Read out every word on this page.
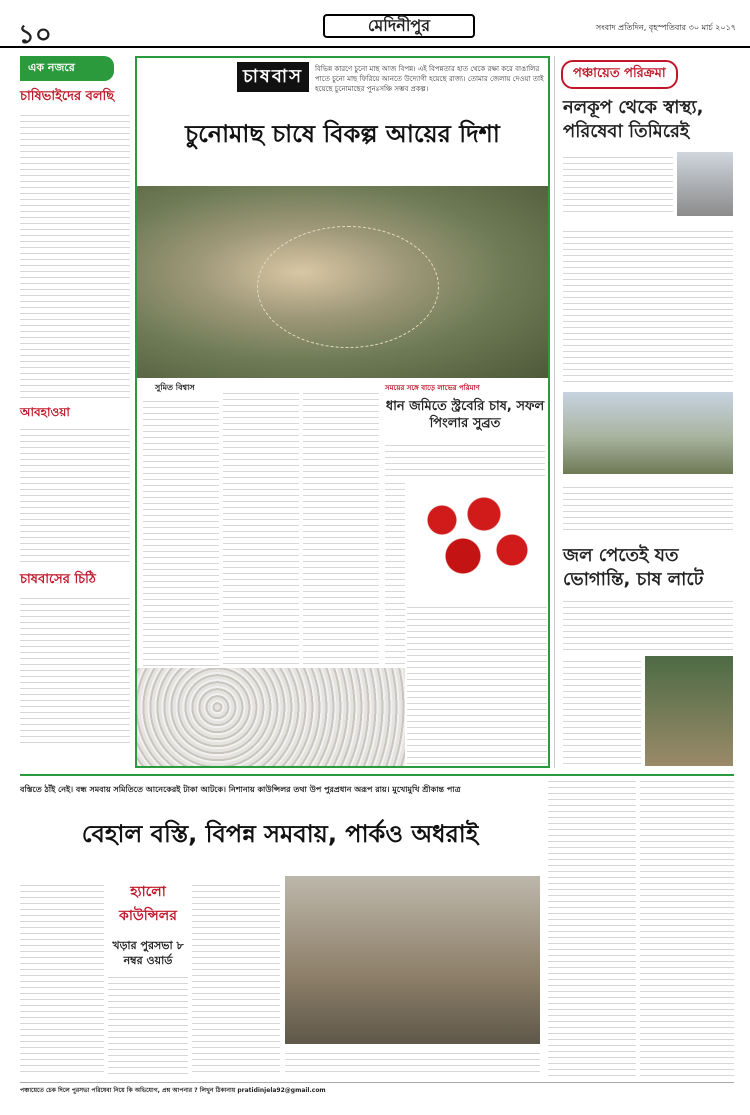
১০	মেদিনীপুর	সংবাদ প্রতিদিন, বৃহস্পতিবার ৩০ মার্চ ২০১৭
এক নজরে
চাষিভাইদের বলছি
আবহাওয়া
চাষবাসের চিঠি
চাষবাস	বিভিন্ন কারণে চুনো মাছ আজ বিপন্ন। এই বিপন্নতার হাত থেকে রক্ষা করে বাঙালির পাতে চুনো মাছ ফিরিয়ে আনতে উদ্যোগী হয়েছে রাজ্য। তোমার জেলায় দেওয়া তাই হয়েছে চুনোমাছের পুনঃসঞ্চি সম্ভব প্রকল্প।
চুনোমাছ চাষে বিকল্প আয়ের দিশা
সুমিত বিশ্বাস	সময়ের সঙ্গে বাড়ে লাভের পরিমাণ
ধান জমিতে স্ট্রবেরি চাষ, সফল পিংলার সুব্রত
পঞ্চায়েত পরিক্রমা
নলকূপ থেকে স্বাস্থ্য, পরিষেবা তিমিরেই
জল পেতেই যত ভোগান্তি, চাষ লাটে
বস্তিতে ঠাঁই নেই। বন্ধ সমবায় সমিতিতে আনেকেরই টাকা আটকে। নিশানায় কাউন্সিলর তথা উপ পুরপ্রধান অরূপ রায়। মুখোমুখি শ্রীকান্ত পাত্র
বেহাল বস্তি, বিপন্ন সমবায়, পার্কও অধরাই
হ্যালো কাউন্সিলর
খড়ার পুরসভা ৮ নম্বর ওয়ার্ড
পঞ্চায়েতে চেক দিলে পুরসভা পরিষেবা নিয়ে কি অভিযোগ, প্রশ্ন আপনার ? লিখুন ঠিকানায় pratidinjela92@gmail.com
